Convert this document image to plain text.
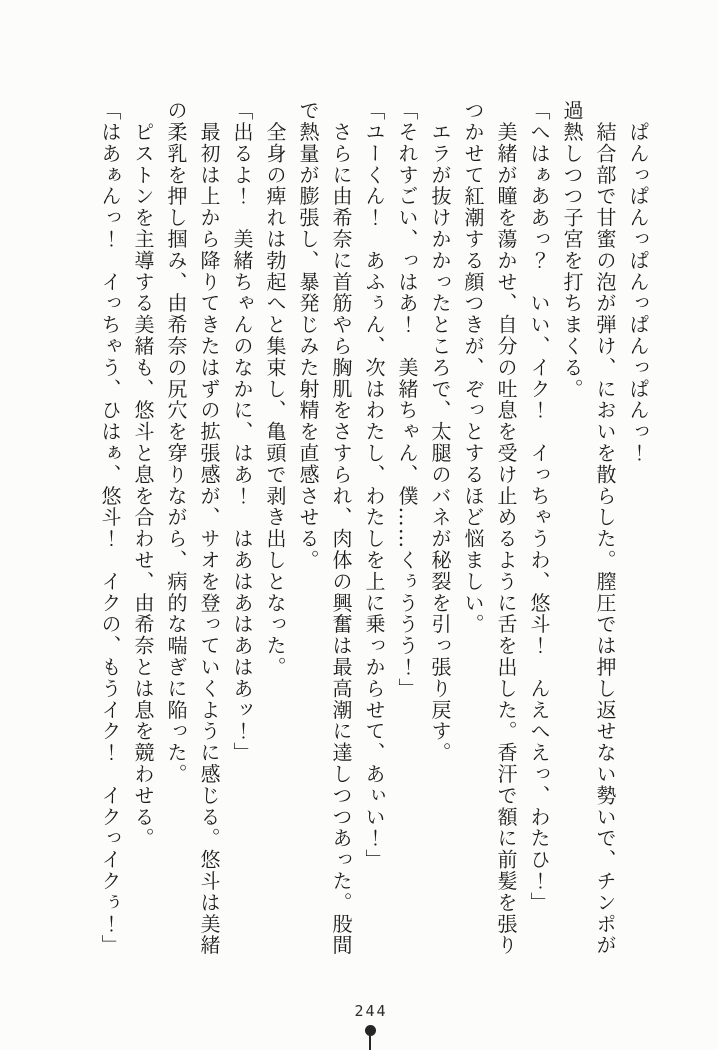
　ぱんっぱんっぱんっぱんっぱんっ！
　結合部で甘蜜の泡が弾け、においを散らした。膣圧では押し返せない勢いで、チンポが
過熱しつつ子宮を打ちまくる。
「へはぁああっ？　いい、イク！　イっちゃうわ、悠斗！　んえへえっ、わたひ！」
　美緒が瞳を蕩かせ、自分の吐息を受け止めるように舌を出した。香汗で額に前髪を張り
つかせて紅潮する顔つきが、ぞっとするほど悩ましい。
　エラが抜けかかったところで、太腿のバネが秘裂を引っ張り戻す。
「それすごい、っはあ！　美緒ちゃん、僕……くぅううう！」
「ユーくん！　あふぅん、次はわたし、わたしを上に乗っからせて、あぃい！」
　さらに由希奈に首筋やら胸肌をさすられ、肉体の興奮は最高潮に達しつつあった。股間
で熱量が膨張し、暴発じみた射精を直感させる。
　全身の痺れは勃起へと集束し、亀頭で剥き出しとなった。
「出るよ！　美緒ちゃんのなかに、はあ！　はあはあはあはあッ！」
　最初は上から降りてきたはずの拡張感が、サオを登っていくように感じる。悠斗は美緒
の柔乳を押し掴み、由希奈の尻穴を穿りながら、病的な喘ぎに陥った。
　ピストンを主導する美緒も、悠斗と息を合わせ、由希奈とは息を競わせる。
「はあぁんっ！　イっちゃう、ひはぁ、悠斗！　イクの、もうイク！　イクっイクぅ！」
244
